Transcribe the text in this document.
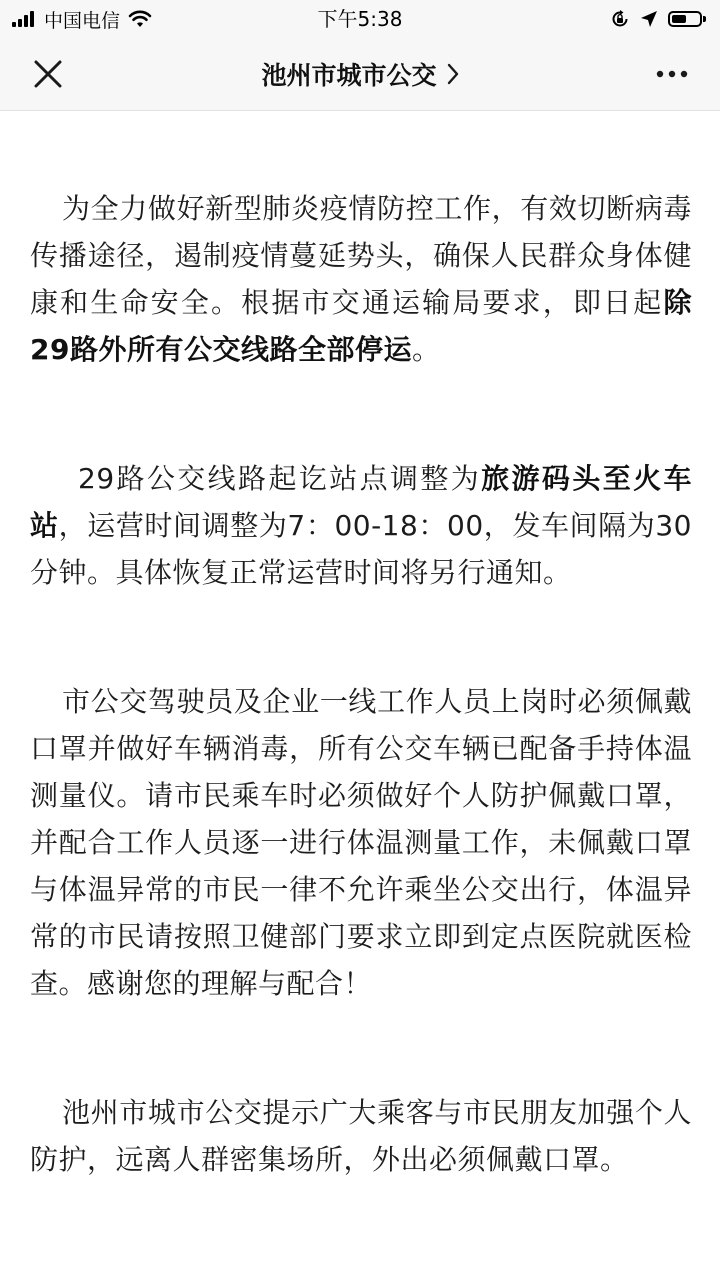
中国电信	下午5:38
池州市城市公交

为全力做好新型肺炎疫情防控工作，有效切断病毒传播途径，遏制疫情蔓延势头，确保人民群众身体健康和生命安全。根据市交通运输局要求，即日起除29路外所有公交线路全部停运。

29路公交线路起讫站点调整为旅游码头至火车站，运营时间调整为7：00-18：00，发车间隔为30分钟。具体恢复正常运营时间将另行通知。

市公交驾驶员及企业一线工作人员上岗时必须佩戴口罩并做好车辆消毒，所有公交车辆已配备手持体温测量仪。请市民乘车时必须做好个人防护佩戴口罩，并配合工作人员逐一进行体温测量工作，未佩戴口罩与体温异常的市民一律不允许乘坐公交出行，体温异常的市民请按照卫健部门要求立即到定点医院就医检查。感谢您的理解与配合！

池州市城市公交提示广大乘客与市民朋友加强个人防护，远离人群密集场所，外出必须佩戴口罩。
